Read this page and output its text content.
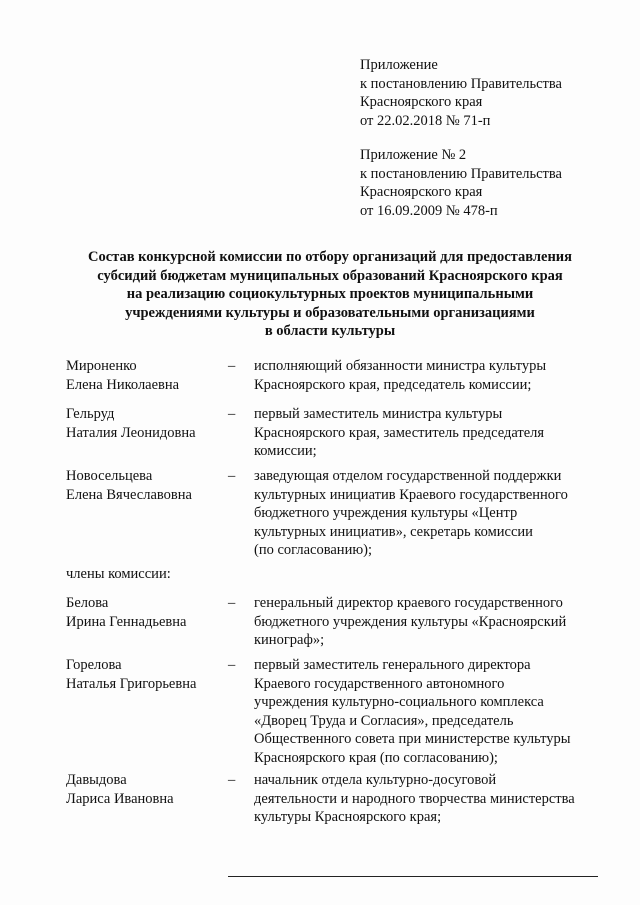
Приложение
к постановлению Правительства
Красноярского края
от 22.02.2018 № 71-п
Приложение № 2
к постановлению Правительства
Красноярского края
от 16.09.2009 № 478-п
Состав конкурсной комиссии по отбору организаций для предоставления
субсидий бюджетам муниципальных образований Красноярского края
на реализацию социокультурных проектов муниципальными
учреждениями культуры и образовательными организациями
в области культуры
Мироненко
Елена Николаевна
– исполняющий обязанности министра культуры
Красноярского края, председатель комиссии;
Гельруд
Наталия Леонидовна
– первый заместитель министра культуры
Красноярского края, заместитель председателя
комиссии;
Новосельцева
Елена Вячеславовна
– заведующая отделом государственной поддержки
культурных инициатив Краевого государственного
бюджетного учреждения культуры «Центр
культурных инициатив», секретарь комиссии
(по согласованию);
члены комиссии:
Белова
Ирина Геннадьевна
– генеральный директор краевого государственного
бюджетного учреждения культуры «Красноярский
кинограф»;
Горелова
Наталья Григорьевна
– первый заместитель генерального директора
Краевого государственного автономного
учреждения культурно-социального комплекса
«Дворец Труда и Согласия», председатель
Общественного совета при министерстве культуры
Красноярского края (по согласованию);
Давыдова
Лариса Ивановна
– начальник отдела культурно-досуговой
деятельности и народного творчества министерства
культуры Красноярского края;
